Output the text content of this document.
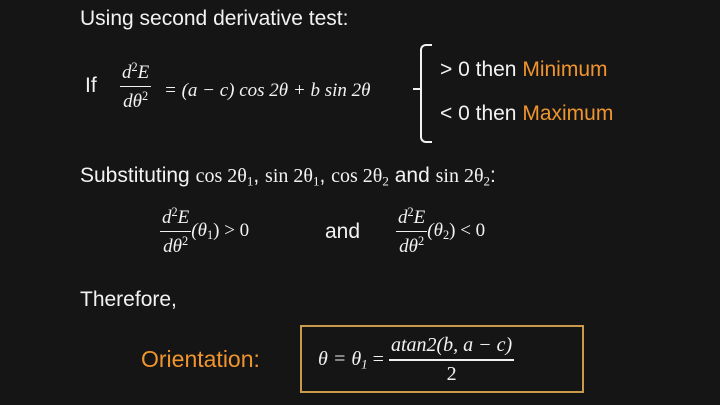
Using second derivative test:
If $\frac{d^2E}{d\theta^2} = (a - c)$ cos 2θ + b sin 2θ
> 0 then Minimum
< 0 then Maximum
Substituting $\cos 2\theta_1$, $\sin 2\theta_1$, $\cos 2\theta_2$ and $\sin 2\theta_2$:
$\frac{d^2E}{d\theta^2} (\theta_1) > 0$	and $\frac{d^2E}{d\theta^2} (\theta_2) < 0$
Therefore,
Orientation:	$\theta = \theta_1 = \frac{atan2(b, a - c)}{2}$
